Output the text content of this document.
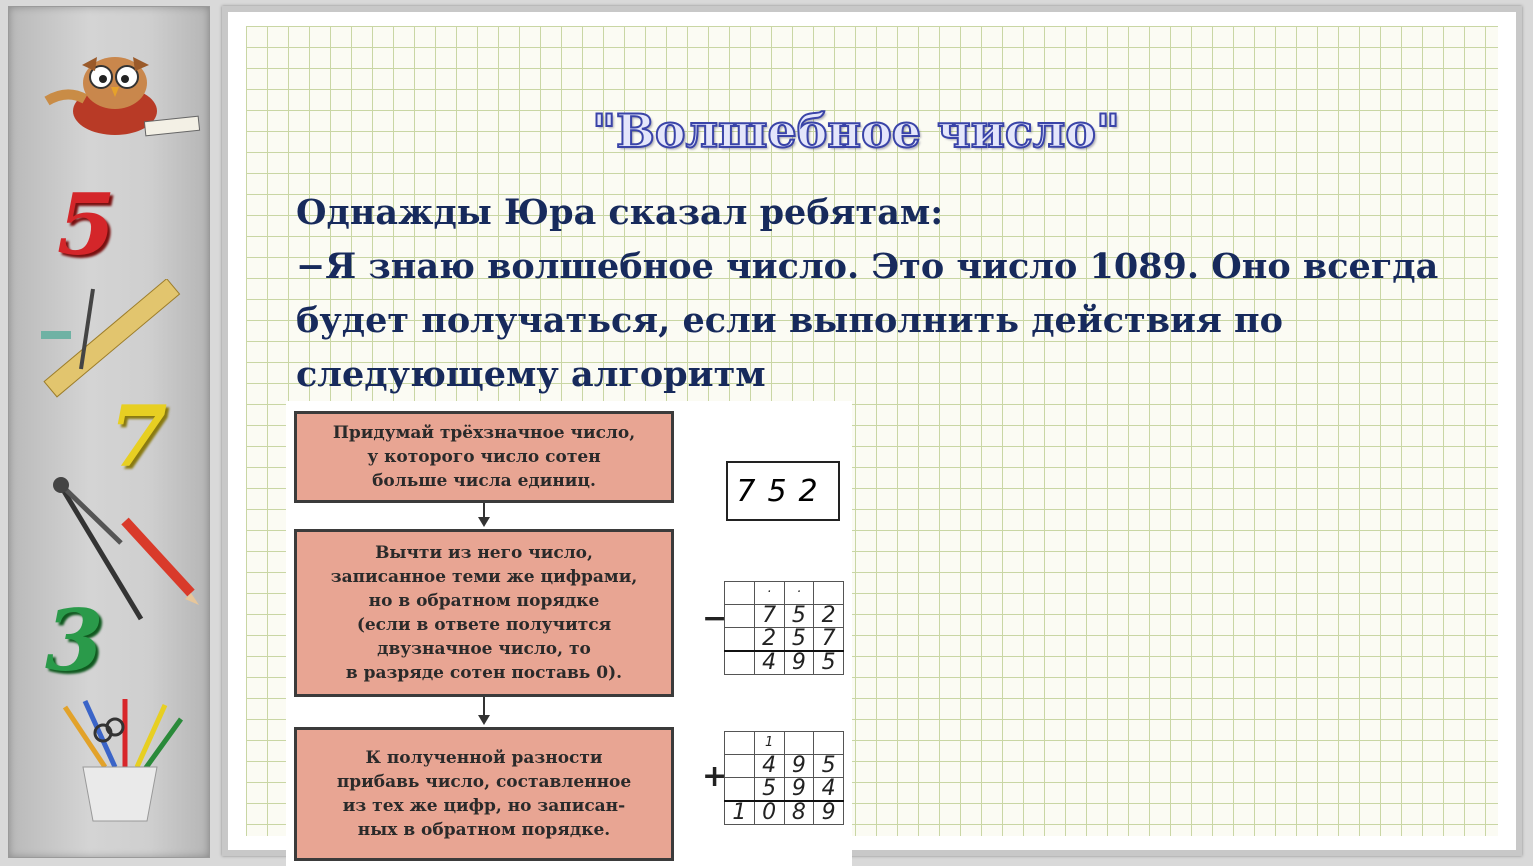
5
7
3
"Волшебное число"
Однажды Юра сказал ребятам:
−Я знаю волшебное число. Это число 1089. Оно всегда
будет получаться, если выполнить действия по
следующему алгоритм
Придумай трёхзначное число,
у которого число сотен
больше числа единиц.
Вычти из него число,
записанное теми же цифрами,
но в обратном порядке
(если в ответе получится
двузначное число, то
в разряде сотен поставь 0).
К полученной разности
прибавь число, составленное
из тех же цифр, но записан-
ных в обратном порядке.
752
−
	·	·	
	7	5	2
	2	5	7
	4	9	5
+
	1		
	4	9	5
	5	9	4
1	0	8	9
